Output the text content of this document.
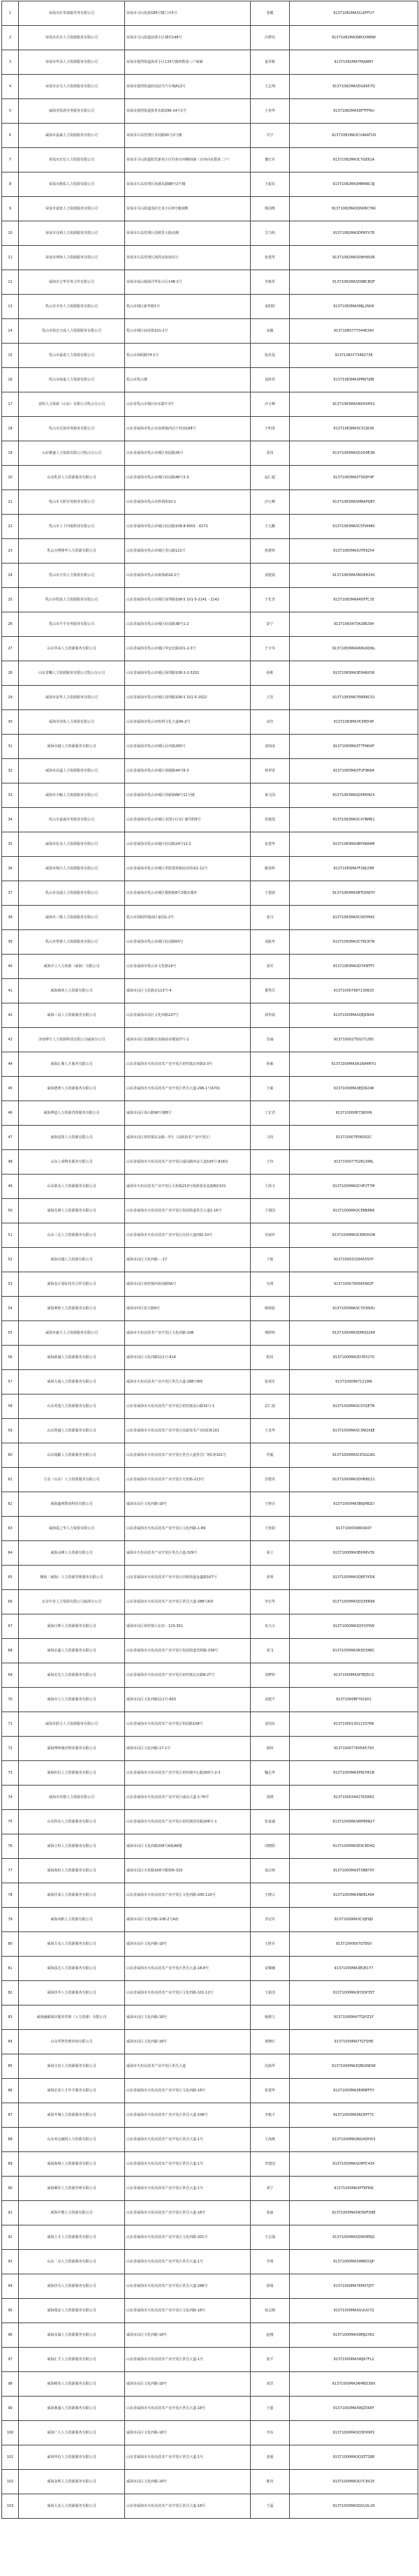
1	荣成市好景康服劳务有限公司	荣成市寻山化源180号楼门市5号	张健	91371082MA3CLKFFU7
2	荣成市乐企人力资源服务有限公司	荣成市寻山街道前郭小区楼村148号	冯梦冶	91371082MA3NRXXM9W
3	荣成市华众人力资源服务有限公司	荣成市港湾街道海景小区133号楼西数第三户商铺	嘉青彬	91371082MA7FAJ986Y
4	荣成市京屯人力资源服务有限公司	荣成市港湾街道府园前号汽车城A12号	王志翔	91371082MA3DG6957Q
5	威海市绘海劳务服务有限公司	荣成市港湾街道体育东路296-14号1号	王春华	91371082MA3DFTFP9U
6	威海市嘉诚人力资源服务有限公司	荣成市石岛管理区青园路91号2号楼	甘宇	91371082MA3CU4KAT1N
7	荣成市宏信人力资源有限公司	荣成市寻山街道阳光新苑小区钓鱼台西侧商铺（自西向东数第二户）	董红军	91371082MA3CYGE61A
8	荣成市精佑人力资源有限公司	荣成市石岛管理区海港东路88号2号楼	王振东	91371082MA3MMN6C9J
9	荣成市嘉蓉人力资源服务有限公司	荣成市寻山街道浅坑长泉小区8号楼南侧	杨国维	91371082MA3DN06CY6K
10	荣成市众利人力资源服务有限公司	荣成市石岛管理区清源里大路北侧	艾乃明	91371082MA3DPRFX78
11	荣成市坤择人力资源服务有限公司	荣成市石岛管理区海湾北街101号	张建华	91371082MA3DNH9S0R
12	威海市吉华劳务合作有限公司	荣成市成山镇海洋华佑小区148-1号	李俊世	91371082MA3DNBCBQF
13	乳山市圣奔人力资源服务有限公司	乳山市城区新华路1号	姜阳阳	91371083MA3MJL2NXK
14	乳山市锐达天成人力资源服务有限公司	乳山市城区商业街101-2号	宋颖	913710837775446340
15	乳山市嘉诺人力资源有限公司	乳山市海阳路74-1号	张洪基	91371083773482738
16	乳山市绿嘉人力资源有限公司	乳山市乳山寨	刘涛祥	91371083MA3PM67J0B
17	富明人力资源（山东）有限公司乳山分公司	山东省乳山市城区府东路7-3号	沙玉峰	91371083MA3NXHXH01
18	乳山市达裕劳务服务有限公司	山东省威海市乳山市南黄镇西泊子村南168号	于明贵	91371083MA3C5CJR3R
19	山东聚盛人力资源有限公司乳山分公司	山东省威海市乳山市城区怡园路26号	张伟	91371083MA3D2D9E3N
20	山东乳泽人力资源服务有限公司	山东省威海市乳山市城区府前路48号2-3	赵仁超	91371083MA3T3Q8Y4F
21	乳山市天阳劳务服务有限公司	山东省威海市乳山市胜利街10-1	沙五峰	91371083MA3MRAPQ8Y
22	乳山市上下同福科技有限公司	山东省威海市乳山市城区府前路108-8-6001 - 6272	王元鹏	91371083MA3C5FW480
23	乳山市博姥华人力资源有限公司	山东省威海市乳山市城区青山路121号	焦德材	91371083MA3UTE9254
24	乳山市万恒人力资源有限公司	山东省威海市乳山市康体路18-2号	刘建福	91371083MA3MU8H24X
25	乳山市乳锐人力资源服务有限公司	山东省威海市乳山市城区深圳路108-5 101-5-2141 - 2142	于化青	91371083MA94DFTC1E
26	乳山市升平劳务服务有限公司	山东省威海市乳山市城区府前路38号1-2	彭宁	913710834734288294
27	山东华高人力资源服务有限公司	山东省威海市乳山市城区华安北路101-2-3号	于少寿	91371083MA94WLNQNL
28	山东省麟人力资源服务有限公司乳山分公司	山东省威海市乳山市城区深圳路108-2-2-5202	孙维	91371083MA3E0ANX56
29	威海市富华人力资源服务有限公司	山东省威海市乳山市城区深圳路108-5 101-5-1022	王浩	91371083MA7EWEKC01
30	威海市创优人力资源有限公司	山东省威海市乳山市胜利文化大道49-2号	宋佳	91371083MA7K3MJY4P
31	威海市越人力资源服务有限公司	山东省威海市乳山市城区北环路260号	刘佰成	91371083MA3T7FNNXF
32	威海市高道人力资源服务有限公司	山东省威海市乳山市城区黄鹤路44号6-3	林翠香	91371083MA3TUF9N94
33	威海市天鲲人力资源服务有限公司	山东省威海市乳山市城区创新路68号11号楼	黄文国	91371083MA3QP85M2X
34	乳山市嘉诚劳务服务有限公司	山东省威海市乳山市城区龙图小区东门8号附9号	侯俊霞	91371083MA3C47BM61
35	威海市伍众人力资源服务有限公司	山东省威海市乳山市城区府前路24号12-2	崔建华	91371083MA3BY98A4M
36	威海市锦川人力资源服务有限公司	山东省威海市乳山市城区世联建材路商业街第1-12号	姚春辉	91371083MA7F26JU3M
37	乳山市众通人力资源服务有限公司	山东省威海市乳山市城区揽胜路8号2楼东墙外	于建波	91371083MA3BTD0W3Y
38	威海市三维人力资源服务有限公司	乳山市海阳所镇南区家园1-2号	张丹	91371083MA3C9DYM42
39	乳山市智睿人力资源服务有限公司	山东省威海市乳山市城区府前路63号	刘振华	91371083MA3CYRCR7N
40	威海卓立人力资源（威海）有限公司	山东省威海市乳山市文化路19号	刘军	91371083MA3D7KNTFY
41	威海朗欣人力资源有限公司	威海市高区文化路北113号-4	董秀岳	91371000798713582D
42	威海三益人力资源服务有限公司	山东省威海市高区文化西路237号	郭华波	91371000MA3QEJKN34
43	济南博才人力资源科技有限公司威海分公司	威海市高区富源路北泉路商业楼107号-1	苏瑜	913710002750271265
44	威海汇聚人才服务有限公司	山东省威海市火炬高技术产业开发区初村镇北环路3-3号	孙敏	91371000MA3N1684M7U
45	威海德赛人力资源服务有限公司	山东省威海市火炬高技术产业开发区世昌大道-296-1号A701	王硕	91371000MA3EJQ6248
46	威海博道人力资源管理服务有限公司	威海市高区泰山路90号楼8号	丁宏君	913710000B7360XN
47	威海富创人力资源有限公司	威海市高区初村镇东金路－5号（高新技术产业开发区）	马伟	913710007E5B302C
48	山东上成物业服务有限公司	山东省威海市火炬高技术产业开发区威高路西金大道100号-818室	王伟	91371000775281348L
49	山东联众人力资源服务有限公司	威海市火炬高技术产业开发区火炬路213号创新创业基地B座101	王海文	91371000MA3CHF2T7M
50	威海先锋人力资源服务有限公司	山东省威海市火炬高技术产业开发区怡园街道世昌大道1-16号	于瑞国	91371000MA3CE8N8R6
51	山东三达人力资源服务有限公司	山东省威海市火炬高技术产业开发区高技大道西路-10号	宫丽珍	91371000MA3CE8DH2W
52	威海卓越人力资源有限公司	威海市高区文化西路－-17	王舫	91371000315945550Y
53	威海金正国际技术合作有限公司	威海市高区初村镇西苑南路56号	吴明	91371000790565962F
54	威海利辉人力资源服务有限公司	威海市经区蓝天路9号	谢林跃	91371000MA3C7D3N3U
55	威海市豪才人力资源服务有限公司	威海市火炬高技术产业开发区文化西路-108	邢婷婷	91371000MA3DMQ0264
56	威海新盛人力资源服务有限公司	威海市高区文化西路111号-614	程钊	91371000MA3D7EX270
57	威海力通人力资源服务有限公司	威海市火炬高技术产业开发区世昌大道-288号B座	张保军	913710009671219W
58	山东英建人力资源服务有限公司	山东省威海市火炬高技术产业开发区初村镇龙山路32号-1	武仁波	91371000MA3CSYQE7N
59	山东智盛人力资源服务有限公司	山东省威海市火炬高技术产业开发区高新技术产业园C栋101	王龙华	91371000MA3C3NQXIJE
60	山东瑞勤人力资源服务有限公司	山东省威海市火炬高技术产业开发区世昌大道世昌广场C座101号	罗毅	91371000MA3CE3GG9G
61	方众（山东）人力资源服务有限公司	山东省威海市火炬高技术产业开发区火炬路-213号	苏德英	91371000MA3DHR8Q11
62	威海鑫明数码科技有限公司	威海市高区文化西路-18号	王树亮	91371000MA3B6JHB2D
63	威海爱之华人力资源有限公司	山东省威海市火炬高技术产业开发区文化西路-1-89	王艳娟	9137100034893A97
64	威海永峰人力资源有限公司	威海市火炬高技术产业开发区世昌大道-329号	秦立	91371000MA3E6H6V39
65	顺航（威海）人力资源管理服务有限公司	山东省威海市火炬高技术产业开发区田和街道金鑫路167号	张明	91371000MA3QEE7KD8
66	北京中企人力资源有限公司威海分公司	山东省威海市火炬高技术产业开发区世昌大道-288号A座	李宏华	91371000MA3DQ5ER9R
67	威海日坤人力资源服务有限公司	威海市高区初村镇大东村－123-301	朱兴义	91371000MA3Q5YJY6W
68	威海宏鑫人力资源服务有限公司	山东省威海市火炬高技术产业开发区怡园街道光明路-158号	刘飞	91371000MA3R3D3N6C
69	威海宏达人力资源服务有限公司	山东省威海市火炬高技术产业开发区初村镇北京路8-27号	刘梦婷	91371000MA3P3EJ5CQ
70	威海市立人力资源服务有限公司	威海市高区文化西路111号-603	刘建平	91371000BF791601
71	威海市联合人力资源服务有限公司	山东省威海市火炬高技术产业开发区怡园路108号	姜国东	91371000130113376N
72	威海博林城市物业服务有限公司	威海市高区文化西路-17-1号	杨林	913710007760565793
73	威海恒信人力资源服务有限公司	山东省威海市火炬高技术产业开发区初村镇中心路200号-2-3	鞠志华	91371000MA3PRCP81B
74	威海市佳德人力资源有限公司	山东省威海市火炬高技术产业开发区威高大道-1-76号	周晓	91371000344276399Q
75	山东科杰人力资源服务有限公司	山东省威海市火炬高技术产业开发区初村镇创业路206号-1	张嘉诚	91371000MA3RPM9N27
76	威海立恒人力资源服务有限公司	威海市高区文化西路206号A栋A6楼	周晓阳	91371000MA3EXC8D4Q
77	威海海恒人力资源服务有限公司	威海市高区火炬路169号楼305-310	栾汉钟	91371000MA3TXBB70Y
78	威海佳成人力资源服务有限公司	山东省威海市火炬高技术产业开发区文化西路-205-110号	王晓云	91371000MA3NK8L494
79	威海风帆人力资源有限公司	威海市高区文化西路-108-2号A座	李冠军	91371000MA3CXJE9J0
80	威海万众人力资源服务有限公司	威海市高区文化西路-18号	王胜军	91371000697GT8S0
81	威海泓达人力资源服务有限公司	山东省威海市火炬高技术产业开发区世昌大道-18-8号	宋娜娜	91371000MA3EDE1Y7
82	威海佳华人力资源服务有限公司	山东省威海市火炬高技术产业开发区文化西路-101-12号	王振国	91371000MA3H3QP35T
83	威海融碳城市服务管理（人力资源）有限公司	威海市高区文化西路-18号	杨德文	91371000MA7TDJYZ1F
84	山东华智管理咨询有限公司	威海市高区文化西路-18号	黄晓红	91371000MA7TLTYJHE
85	威海宝泉人力资源服务有限公司	威海市火炬高技术产业开发区世昌大道	沈丽华	91371000MA3QBG99DW
86	威海宏泰人才中介服务有限公司	山东省威海市火炬高技术产业开发区文化西路-18号	张建华	91371000MA3R9NPF5Y
87	威海开城人力资源服务有限公司	山东省威海市火炬高技术产业开发区世昌大道-108号	李俊才	91371000MA3RCEPT7C
88	山东米仓融资人力资源有限公司	山东省威海市火炬高技术产业开发区世昌大道-1号	王海燕	91371000MA3NGHDHX3
89	威海海翔人力资源服务有限公司	山东省威海市火炬高技术产业开发区世昌大道-1号	李建国	91371000MA3UMTC43X
90	威海聚佳人力资源管理有限公司	山东省威海市火炬高技术产业开发区世昌大道-1号	刘宁	91371000MA3PTKF84J
91	威海中聘人力资源有限公司	山东省威海市火炬高技术产业开发区世昌大道-18号	张丽	91371000MA3W3WFQ8E
92	威海立才人力资源服务有限公司	山东省威海市火炬高技术产业开发区文化西路-201号	王志强	91371000MA3QWDEEJG
93	山东一点人力资源服务有限公司	山东省威海市火炬高技术产业开发区世昌大道-1号	李明	91371000MA3WBR33JP
94	威海佳乐人力资源服务有限公司	山东省威海市火炬高技术产业开发区世昌大道-288号	徐瑞	91371000MA7EMX7J0T
95	威海瑞安人力资源服务有限公司	山东省威海市火炬高技术产业开发区文化西路-18号	孙志刚	91371000MA3UUUU7Q
96	威海众诚人力资源服务有限公司	威海市高区文化西路-18号	赵刚	91371000MA3WNJ2X62
97	威海汇才人力资源服务有限公司	山东省威海市火炬高技术产业开发区世昌大道-1号	张平	91371000MA3WJK7FL2
98	威海精英人力资源服务有限公司	威海市高区文化西路-18号	刘洋	91371000MA3W4BD3NX
99	威海鼎盛人力资源服务有限公司	山东省威海市火炬高技术产业开发区世昌大道-18号	王强	91371000MA3WJZ5K8Y
100	威海广大人力资源服务有限公司	威海市高区文化西路-18号	李东	91371000MA3Q3HX9P2
101	威海华信人力资源服务有限公司	山东省威海市火炬高技术产业开发区世昌大道-1号	张强	91371000MA3Q3ZT2B8
102	威海金辉人力资源服务有限公司	威海市高区文化西路-18号	陈伟	91371000MA3Q7C8X1E
103	威海大众人力资源服务有限公司	山东省威海市火炬高技术产业开发区世昌大道-18号	王磊	91371000MA3QUU2L1R
